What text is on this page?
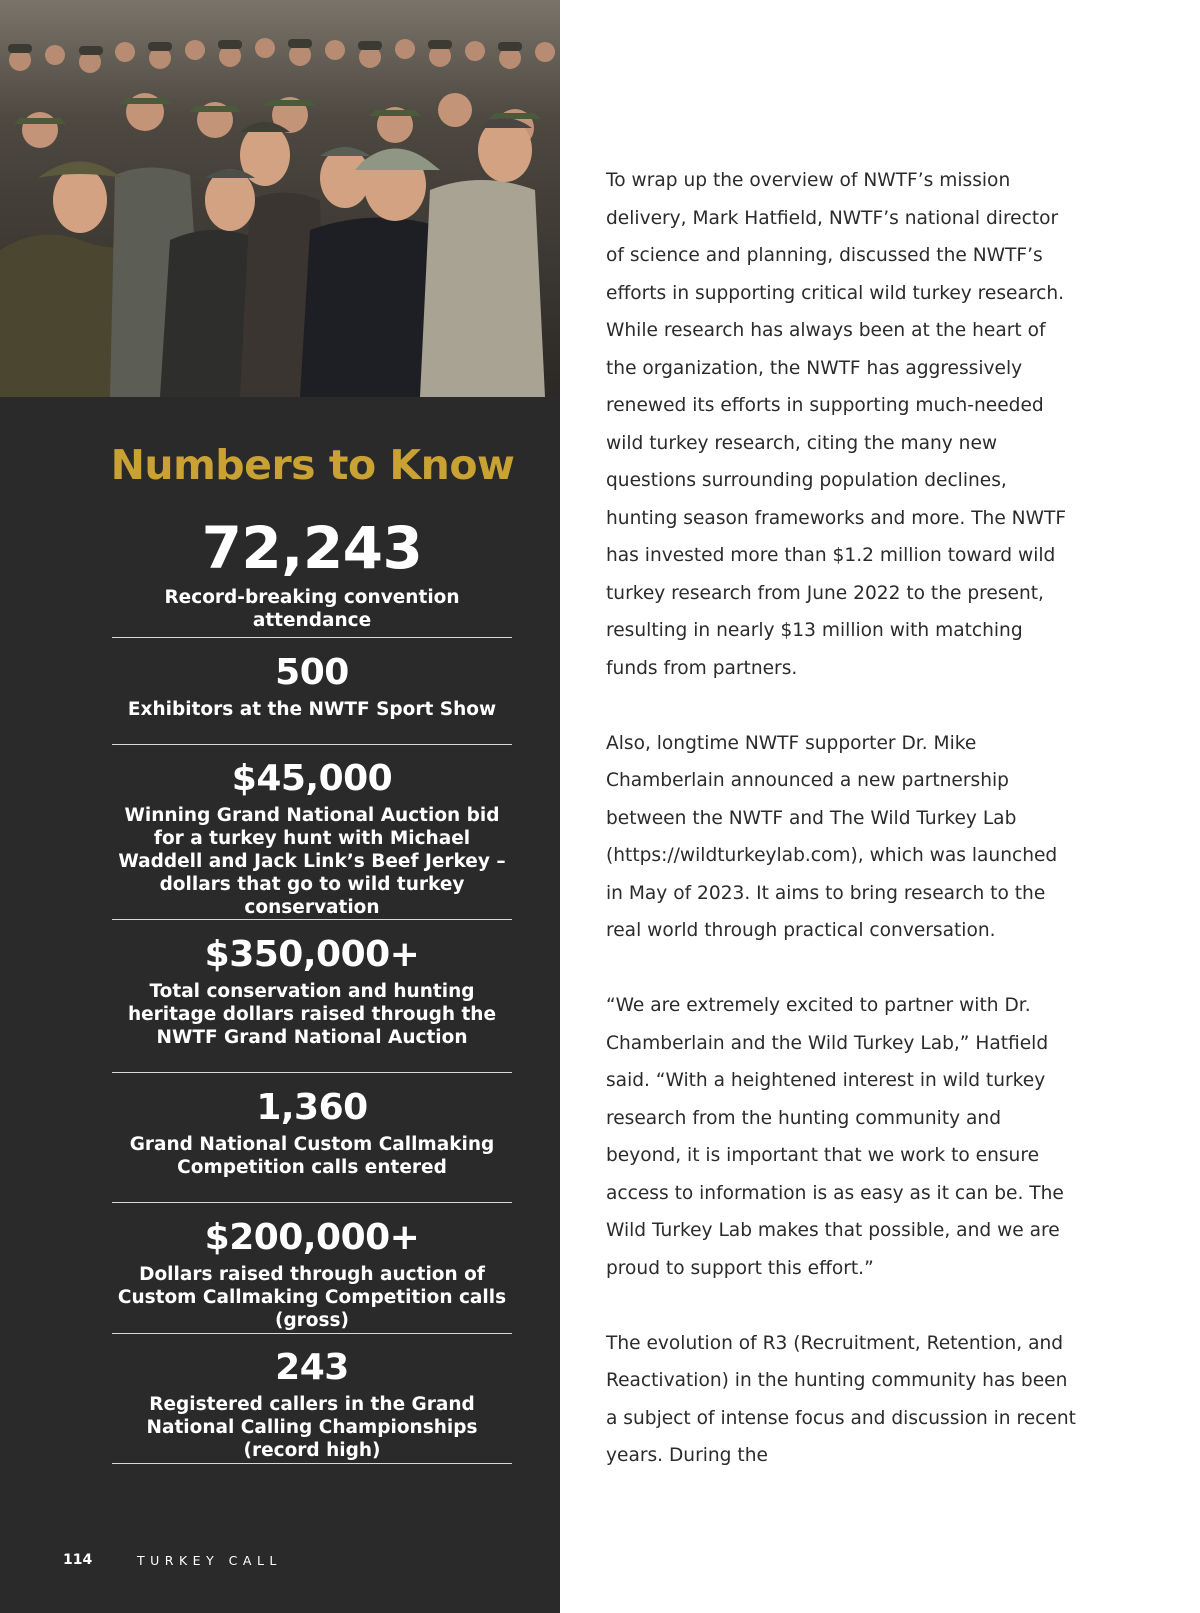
Numbers to Know
72,243
Record-breaking convention attendance
500
Exhibitors at the NWTF Sport Show
$45,000
Winning Grand National Auction bid for a turkey hunt with Michael Waddell and Jack Link’s Beef Jerkey – dollars that go to wild turkey conservation
$350,000+
Total conservation and hunting heritage dollars raised through the NWTF Grand National Auction
1,360
Grand National Custom Callmaking Competition calls entered
$200,000+
Dollars raised through auction of Custom Callmaking Competition calls (gross)
243
Registered callers in the Grand National Calling Championships (record high)
114	TURKEY CALL

To wrap up the overview of NWTF’s mission delivery, Mark Hatfield, NWTF’s national director of science and planning, discussed the NWTF’s efforts in supporting critical wild turkey research. While research has always been at the heart of the organization, the NWTF has aggressively renewed its efforts in supporting much-needed wild turkey research, citing the many new questions surrounding population declines, hunting season frameworks and more. The NWTF has invested more than $1.2 million toward wild turkey research from June 2022 to the present, resulting in nearly $13 million with matching funds from partners.

Also, longtime NWTF supporter Dr. Mike Chamberlain announced a new partnership between the NWTF and The Wild Turkey Lab (https://wildturkeylab.com), which was launched in May of 2023. It aims to bring research to the real world through practical conversation.

“We are extremely excited to partner with Dr. Chamberlain and the Wild Turkey Lab,” Hatfield said. “With a heightened interest in wild turkey research from the hunting community and beyond, it is important that we work to ensure access to information is as easy as it can be. The Wild Turkey Lab makes that possible, and we are proud to support this effort.”

The evolution of R3 (Recruitment, Retention, and Reactivation) in the hunting community has been a subject of intense focus and discussion in recent years. During the
